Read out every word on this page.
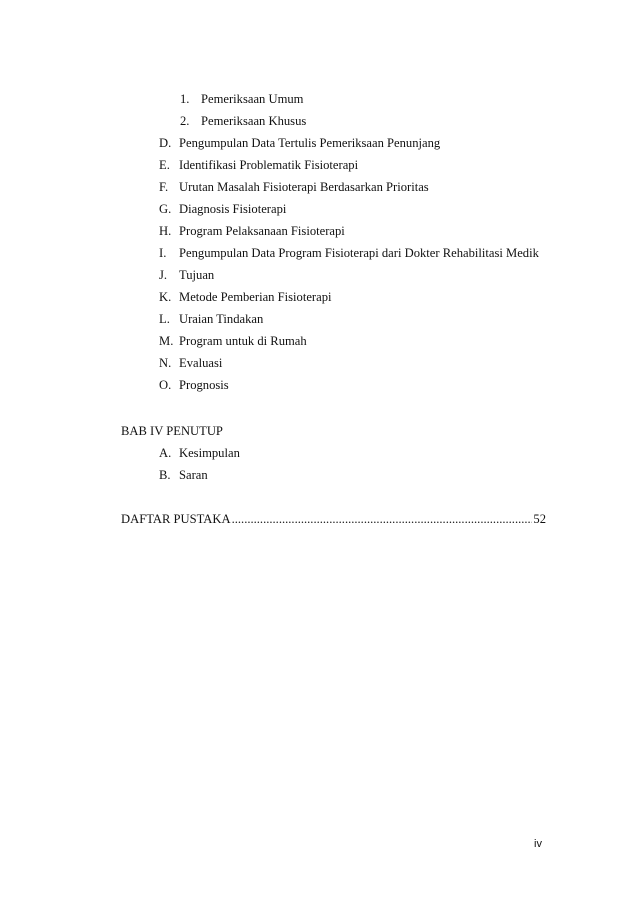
1. Pemeriksaan Umum
2. Pemeriksaan Khusus
D. Pengumpulan Data Tertulis Pemeriksaan Penunjang
E. Identifikasi Problematik Fisioterapi
F. Urutan Masalah Fisioterapi Berdasarkan Prioritas
G. Diagnosis Fisioterapi
H. Program Pelaksanaan Fisioterapi
I. Pengumpulan Data Program Fisioterapi dari Dokter Rehabilitasi Medik
J. Tujuan
K. Metode Pemberian Fisioterapi
L. Uraian Tindakan
M. Program untuk di Rumah
N. Evaluasi
O. Prognosis
BAB IV PENUTUP
A. Kesimpulan
B. Saran
DAFTAR PUSTAKA
.....	52
iv
